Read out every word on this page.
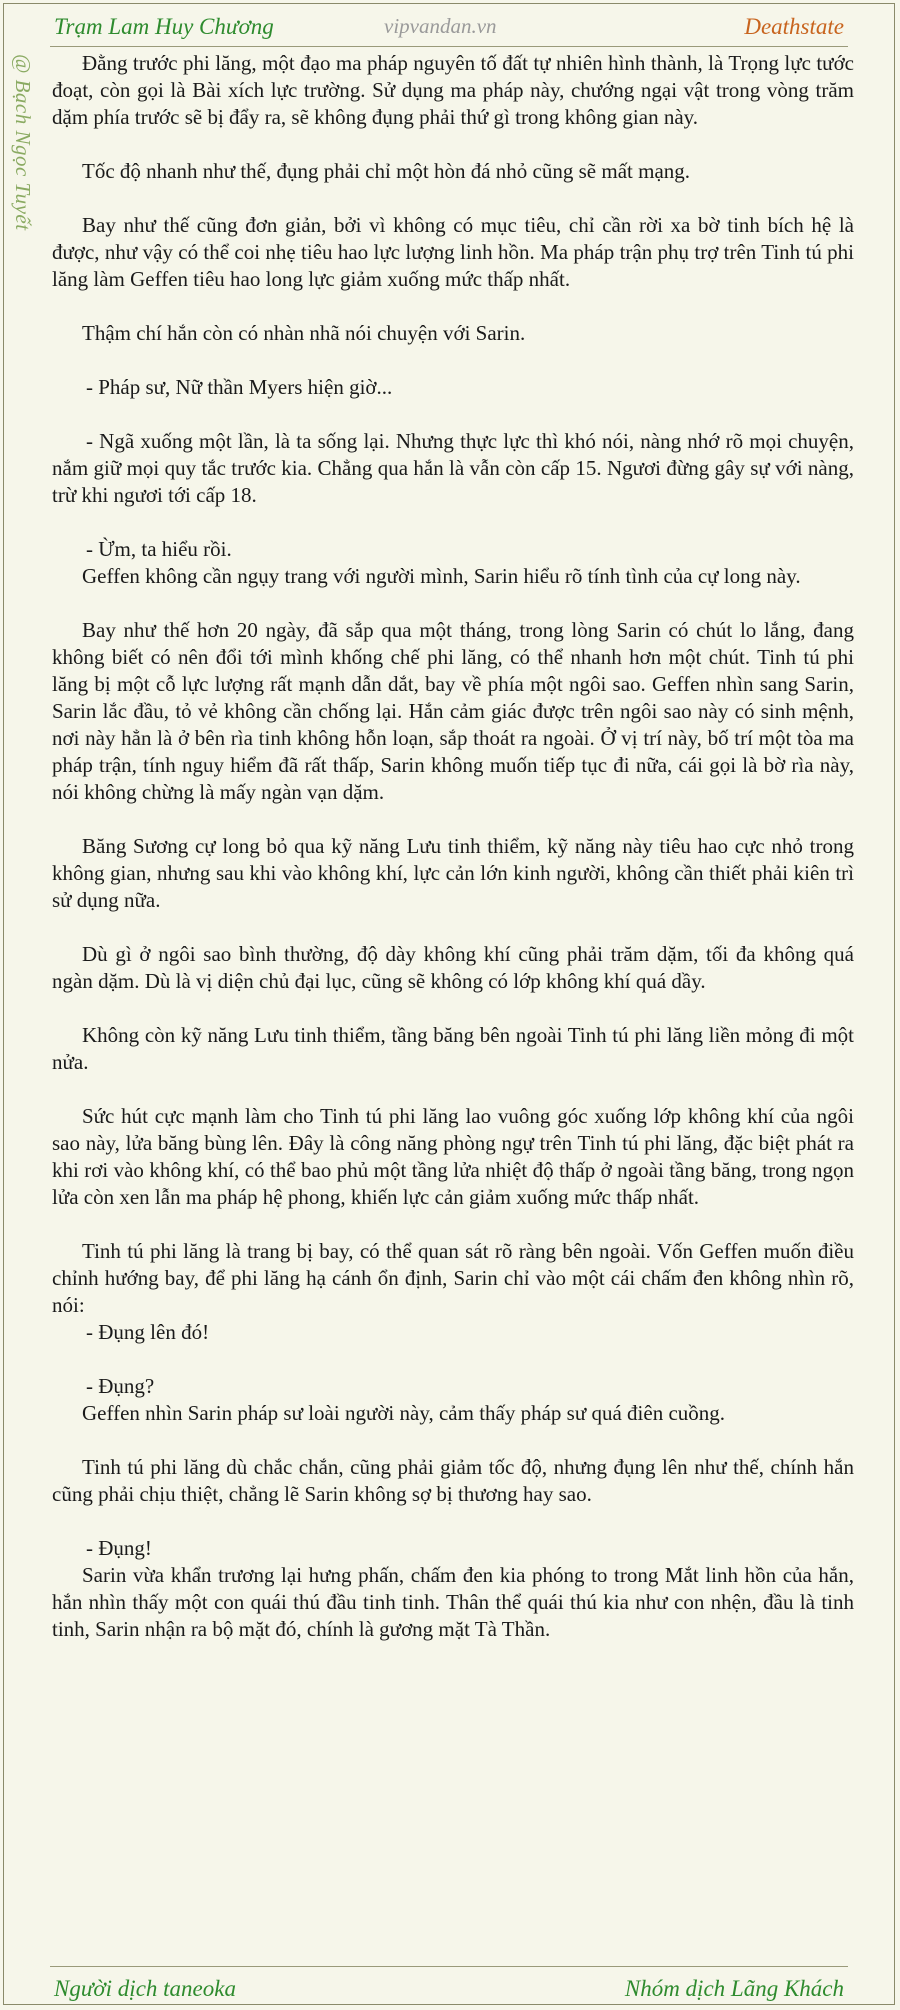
Trạm Lam Huy Chương	vipvandan.vn	Deathstate
@ Bạch Ngọc Tuyết	Đằng trước phi lăng, một đạo ma pháp nguyên tố đất tự nhiên hình thành, là Trọng lực tước đoạt, còn gọi là Bài xích lực trường. Sử dụng ma pháp này, chướng ngại vật trong vòng trăm dặm phía trước sẽ bị đẩy ra, sẽ không đụng phải thứ gì trong không gian này.

Tốc độ nhanh như thế, đụng phải chỉ một hòn đá nhỏ cũng sẽ mất mạng.

Bay như thế cũng đơn giản, bởi vì không có mục tiêu, chỉ cần rời xa bờ tinh bích hệ là được, như vậy có thể coi nhẹ tiêu hao lực lượng linh hồn. Ma pháp trận phụ trợ trên Tinh tú phi lăng làm Geffen tiêu hao long lực giảm xuống mức thấp nhất.

Thậm chí hắn còn có nhàn nhã nói chuyện với Sarin.

- Pháp sư, Nữ thần Myers hiện giờ...

- Ngã xuống một lần, là ta sống lại. Nhưng thực lực thì khó nói, nàng nhớ rõ mọi chuyện, nắm giữ mọi quy tắc trước kia. Chẳng qua hắn là vẫn còn cấp 15. Ngươi đừng gây sự với nàng, trừ khi ngươi tới cấp 18.

- Ừm, ta hiểu rồi.

Geffen không cần ngụy trang với người mình, Sarin hiểu rõ tính tình của cự long này.

Bay như thế hơn 20 ngày, đã sắp qua một tháng, trong lòng Sarin có chút lo lắng, đang không biết có nên đổi tới mình khống chế phi lăng, có thể nhanh hơn một chút. Tinh tú phi lăng bị một cỗ lực lượng rất mạnh dẫn dắt, bay về phía một ngôi sao. Geffen nhìn sang Sarin, Sarin lắc đầu, tỏ vẻ không cần chống lại. Hắn cảm giác được trên ngôi sao này có sinh mệnh, nơi này hẳn là ở bên rìa tinh không hỗn loạn, sắp thoát ra ngoài. Ở vị trí này, bố trí một tòa ma pháp trận, tính nguy hiểm đã rất thấp, Sarin không muốn tiếp tục đi nữa, cái gọi là bờ rìa này, nói không chừng là mấy ngàn vạn dặm.

Băng Sương cự long bỏ qua kỹ năng Lưu tinh thiểm, kỹ năng này tiêu hao cực nhỏ trong không gian, nhưng sau khi vào không khí, lực cản lớn kinh người, không cần thiết phải kiên trì sử dụng nữa.

Dù gì ở ngôi sao bình thường, độ dày không khí cũng phải trăm dặm, tối đa không quá ngàn dặm. Dù là vị diện chủ đại lục, cũng sẽ không có lớp không khí quá dầy.

Không còn kỹ năng Lưu tinh thiểm, tầng băng bên ngoài Tinh tú phi lăng liền mỏng đi một nửa.

Sức hút cực mạnh làm cho Tinh tú phi lăng lao vuông góc xuống lớp không khí của ngôi sao này, lửa băng bùng lên. Đây là công năng phòng ngự trên Tinh tú phi lăng, đặc biệt phát ra khi rơi vào không khí, có thể bao phủ một tầng lửa nhiệt độ thấp ở ngoài tầng băng, trong ngọn lửa còn xen lẫn ma pháp hệ phong, khiến lực cản giảm xuống mức thấp nhất.

Tinh tú phi lăng là trang bị bay, có thể quan sát rõ ràng bên ngoài. Vốn Geffen muốn điều chỉnh hướng bay, để phi lăng hạ cánh ổn định, Sarin chỉ vào một cái chấm đen không nhìn rõ, nói:

- Đụng lên đó!

- Đụng?

Geffen nhìn Sarin pháp sư loài người này, cảm thấy pháp sư quá điên cuồng.

Tinh tú phi lăng dù chắc chắn, cũng phải giảm tốc độ, nhưng đụng lên như thế, chính hắn cũng phải chịu thiệt, chẳng lẽ Sarin không sợ bị thương hay sao.

- Đụng!

Sarin vừa khẩn trương lại hưng phấn, chấm đen kia phóng to trong Mắt linh hồn của hắn, hắn nhìn thấy một con quái thú đầu tinh tinh. Thân thể quái thú kia như con nhện, đầu là tinh tinh, Sarin nhận ra bộ mặt đó, chính là gương mặt Tà Thần.

Người dịch taneoka	Nhóm dịch Lãng Khách
